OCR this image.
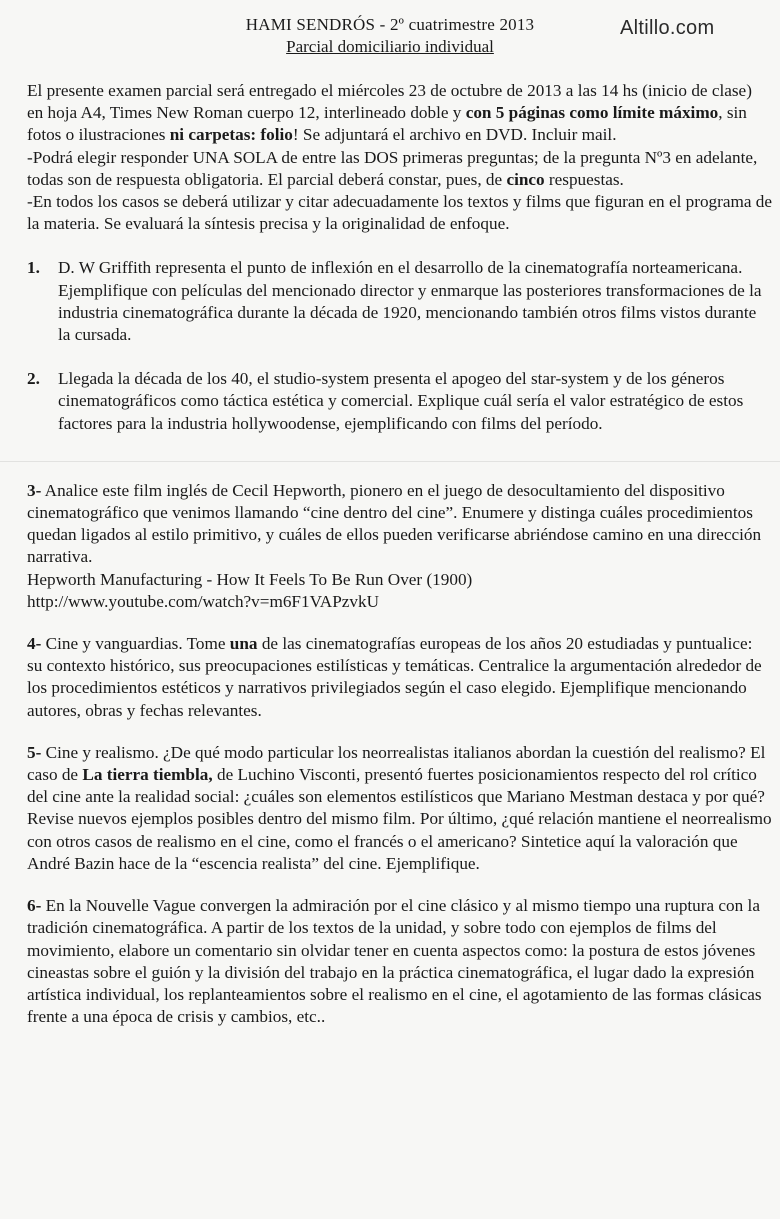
HAMI SENDRÓS - 2º cuatrimestre 2013
Parcial domiciliario individual
Altillo.com

El presente examen parcial será entregado el miércoles 23 de octubre de 2013 a las 14 hs (inicio de clase) en hoja A4, Times New Roman cuerpo 12, interlineado doble y con 5 páginas como límite máximo, sin fotos o ilustraciones ni carpetas: folio! Se adjuntará el archivo en DVD. Incluir mail.

-Podrá elegir responder UNA SOLA de entre las DOS primeras preguntas; de la pregunta Nº3 en adelante, todas son de respuesta obligatoria. El parcial deberá constar, pues, de cinco respuestas.

-En todos los casos se deberá utilizar y citar adecuadamente los textos y films que figuran en el programa de la materia. Se evaluará la síntesis precisa y la originalidad de enfoque.

1.	D. W Griffith representa el punto de inflexión en el desarrollo de la cinematografía norteamericana. Ejemplifique con películas del mencionado director y enmarque las posteriores transformaciones de la industria cinematográfica durante la década de 1920, mencionando también otros films vistos durante la cursada.
2.	Llegada la década de los 40, el studio-system presenta el apogeo del star-system y de los géneros cinematográficos como táctica estética y comercial. Explique cuál sería el valor estratégico de estos factores para la industria hollywoodense, ejemplificando con films del período.

3- Analice este film inglés de Cecil Hepworth, pionero en el juego de desocultamiento del dispositivo cinematográfico que venimos llamando “cine dentro del cine”. Enumere y distinga cuáles procedimientos quedan ligados al estilo primitivo, y cuáles de ellos pueden verificarse abriéndose camino en una dirección narrativa.

Hepworth Manufacturing - How It Feels To Be Run Over (1900)
http://www.youtube.com/watch?v=m6F1VAPzvkU

4- Cine y vanguardias. Tome una de las cinematografías europeas de los años 20 estudiadas y puntualice: su contexto histórico, sus preocupaciones estilísticas y temáticas. Centralice la argumentación alrededor de los procedimientos estéticos y narrativos privilegiados según el caso elegido. Ejemplifique mencionando autores, obras y fechas relevantes.

5- Cine y realismo. ¿De qué modo particular los neorrealistas italianos abordan la cuestión del realismo? El caso de La tierra tiembla, de Luchino Visconti, presentó fuertes posicionamientos respecto del rol crítico del cine ante la realidad social: ¿cuáles son elementos estilísticos que Mariano Mestman destaca y por qué? Revise nuevos ejemplos posibles dentro del mismo film. Por último, ¿qué relación mantiene el neorrealismo con otros casos de realismo en el cine, como el francés o el americano? Sintetice aquí la valoración que André Bazin hace de la “escencia realista” del cine. Ejemplifique.

6- En la Nouvelle Vague convergen la admiración por el cine clásico y al mismo tiempo una ruptura con la tradición cinematográfica. A partir de los textos de la unidad, y sobre todo con ejemplos de films del movimiento, elabore un comentario sin olvidar tener en cuenta aspectos como: la postura de estos jóvenes cineastas sobre el guión y la división del trabajo en la práctica cinematográfica, el lugar dado la expresión artística individual, los replanteamientos sobre el realismo en el cine, el agotamiento de las formas clásicas frente a una época de crisis y cambios, etc..
